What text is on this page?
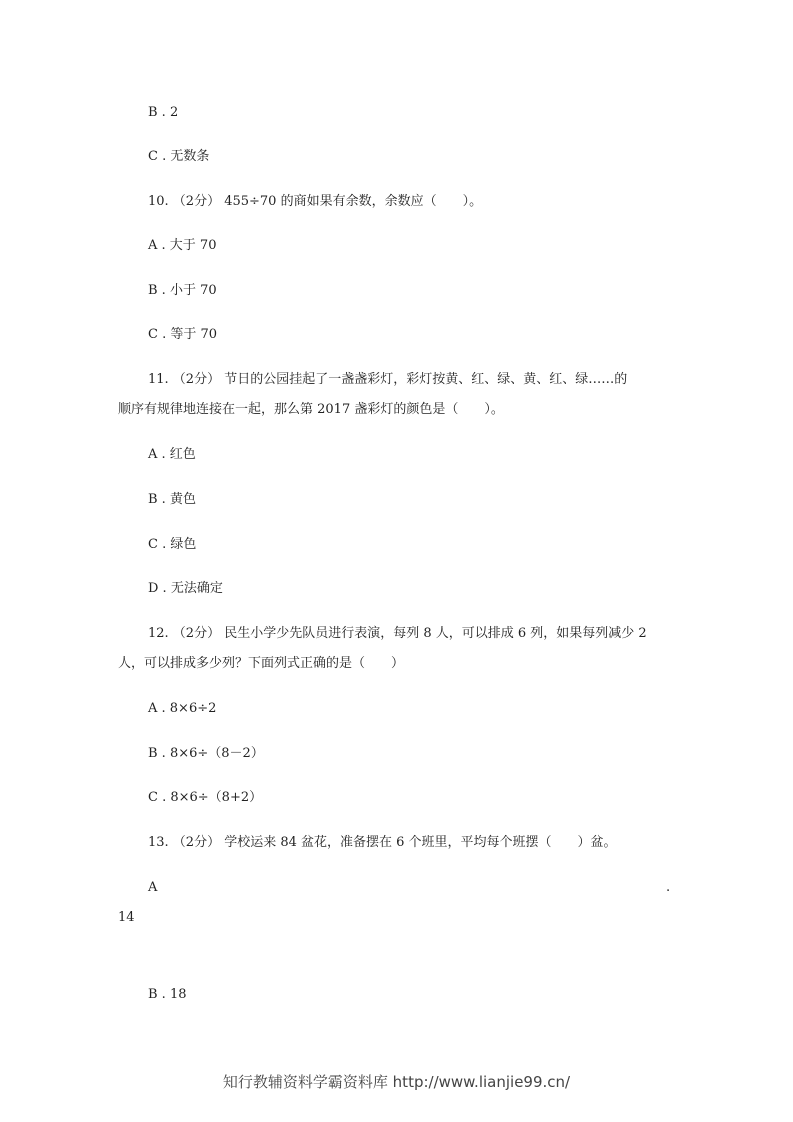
B . 2
C . 无数条
10. （2分） 455÷70 的商如果有余数，余数应（　　）。
A . 大于 70
B . 小于 70
C . 等于 70
11. （2分） 节日的公园挂起了一盏盏彩灯，彩灯按黄、红、绿、黄、红、绿……的
顺序有规律地连接在一起，那么第 2017 盏彩灯的颜色是（　　）。
A . 红色
B . 黄色
C . 绿色
D . 无法确定
12. （2分） 民生小学少先队员进行表演，每列 8 人，可以排成 6 列，如果每列减少 2
人，可以排成多少列？下面列式正确的是（　　）
A . 8×6÷2
B . 8×6÷（8－2）
C . 8×6÷（8+2）
13. （2分） 学校运来 84 盆花，准备摆在 6 个班里，平均每个班摆（　　）盆。
A	.
14
B . 18
知行教辅资料学霸资料库 http://www.lianjie99.cn/
